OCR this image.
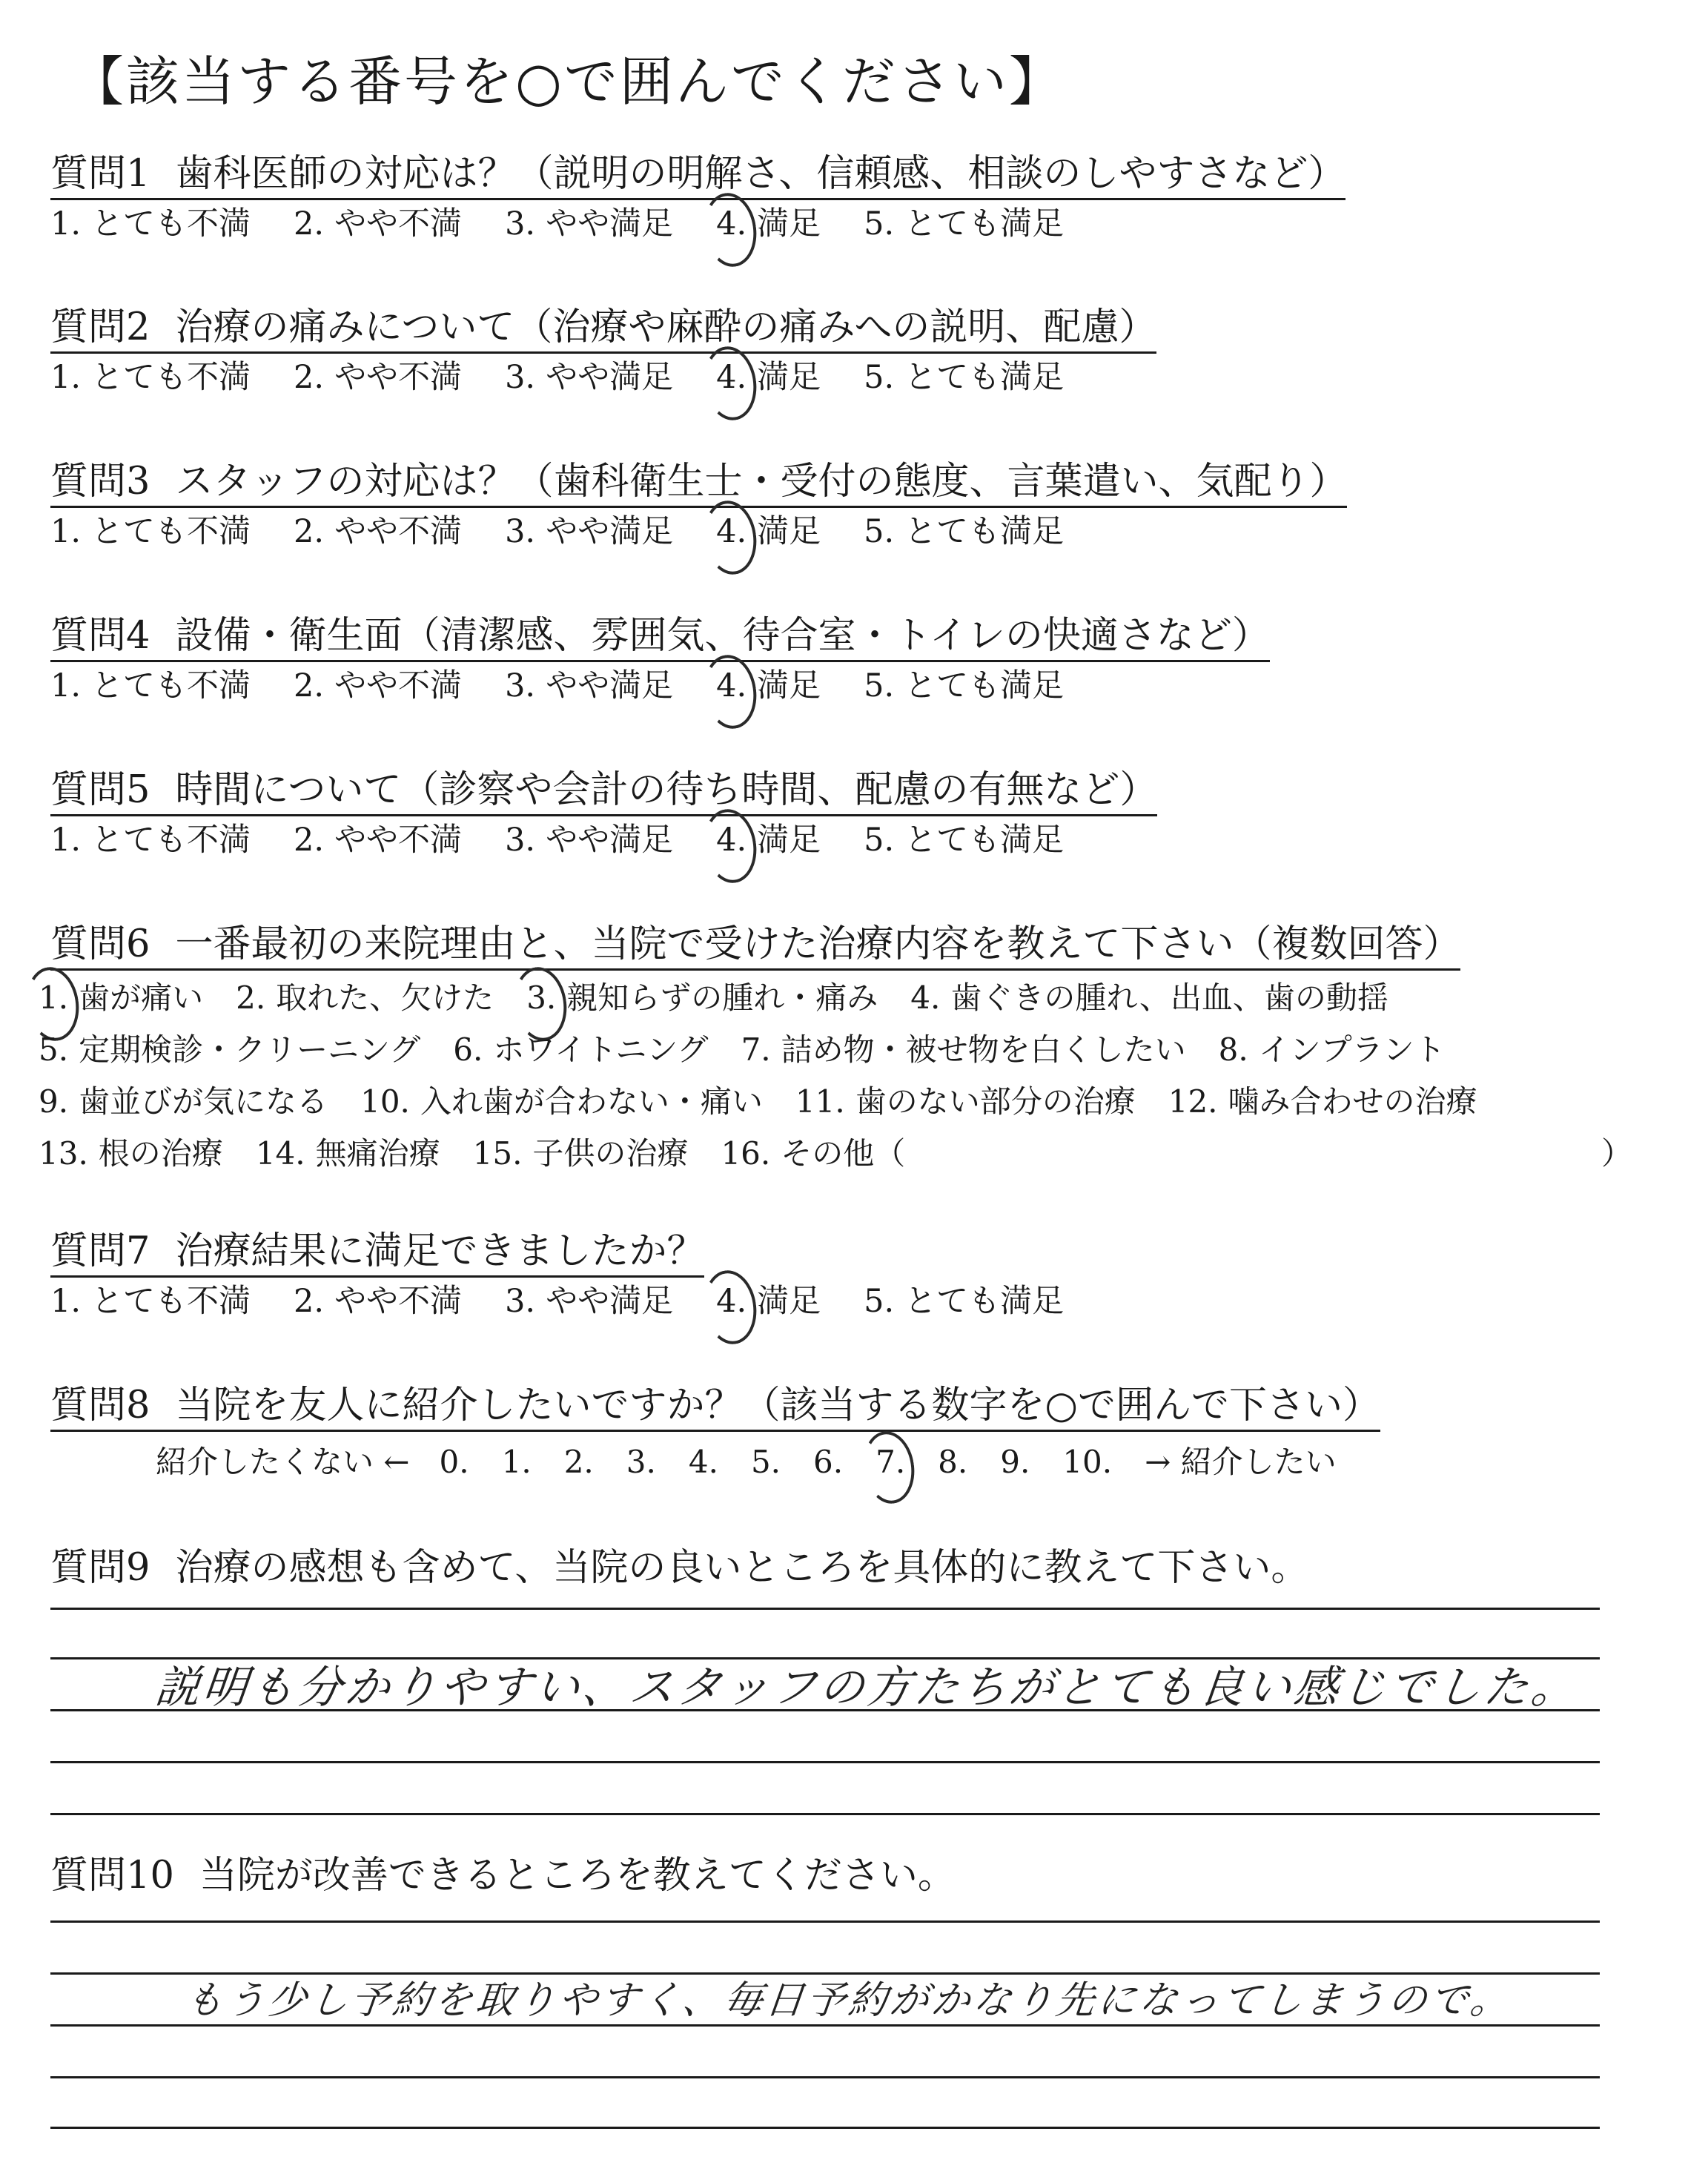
【該当する番号を○で囲んでください】
質問1 歯科医師の対応は？（説明の明解さ、信頼感、相談のしやすさなど）
1. とても不満 2. やや不満 3. やや満足 4. 満足 5. とても満足
質問2 治療の痛みについて（治療や麻酔の痛みへの説明、配慮）
1. とても不満 2. やや不満 3. やや満足 4. 満足 5. とても満足
質問3 スタッフの対応は？（歯科衛生士・受付の態度、言葉遣い、気配り）
1. とても不満 2. やや不満 3. やや満足 4. 満足 5. とても満足
質問4 設備・衛生面（清潔感、雰囲気、待合室・トイレの快適さなど）
1. とても不満 2. やや不満 3. やや満足 4. 満足 5. とても満足
質問5 時間について（診察や会計の待ち時間、配慮の有無など）
1. とても不満 2. やや不満 3. やや満足 4. 満足 5. とても満足
質問6 一番最初の来院理由と、当院で受けた治療内容を教えて下さい（複数回答）
1. 歯が痛い 2. 取れた、欠けた 3. 親知らずの腫れ・痛み 4. 歯ぐきの腫れ、出血、歯の動揺
5. 定期検診・クリーニング 6. ホワイトニング 7. 詰め物・被せ物を白くしたい 8. インプラント
9. 歯並びが気になる 10. 入れ歯が合わない・痛い 11. 歯のない部分の治療 12. 噛み合わせの治療
13. 根の治療 14. 無痛治療 15. 子供の治療 16. その他（	）
質問7 治療結果に満足できましたか？
1. とても不満 2. やや不満 3. やや満足 4. 満足 5. とても満足
質問8 当院を友人に紹介したいですか？（該当する数字を○で囲んで下さい）
紹介したくない ← 0. 1. 2. 3. 4. 5. 6. 7. 8. 9. 10. → 紹介したい
質問9 治療の感想も含めて、当院の良いところを具体的に教えて下さい。
説明も分かりやすい、スタッフの方たちがとても良い感じでした。
質問10 当院が改善できるところを教えてください。
もう少し予約を取りやすく、毎日予約がかなり先になってしまうので。
